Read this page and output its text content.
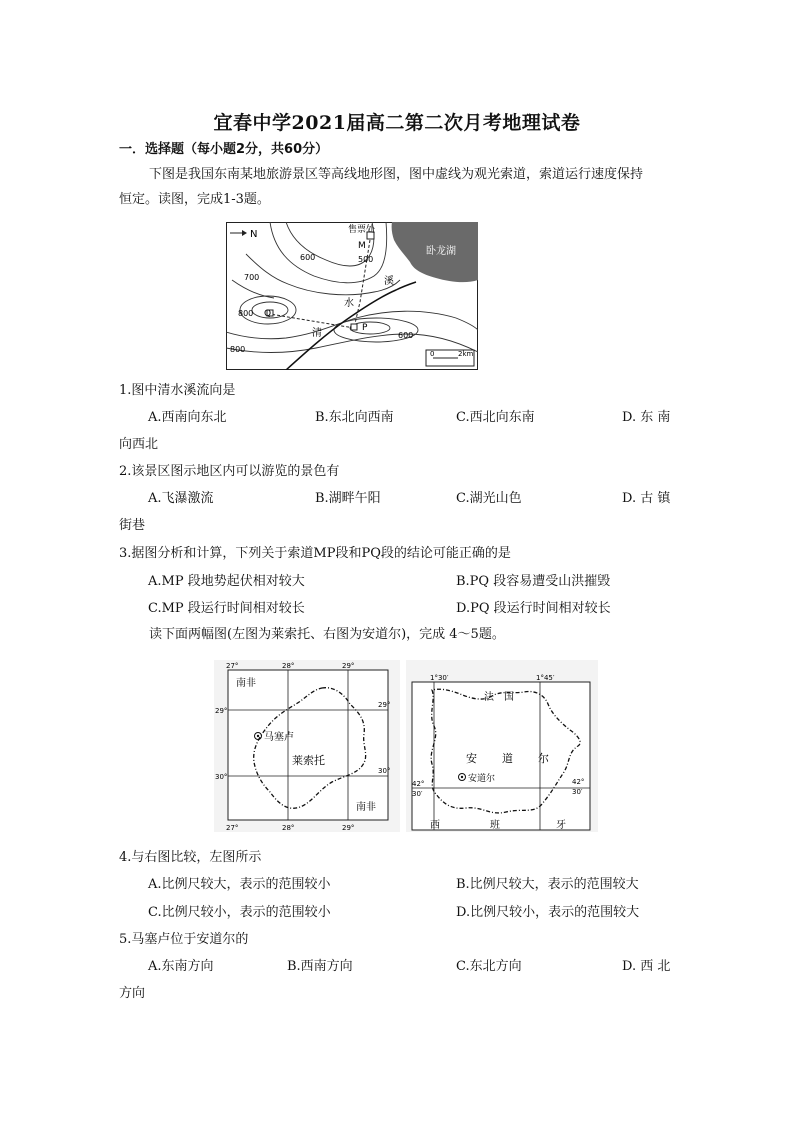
宜春中学2021届高二第二次月考地理试卷
一．选择题（每小题2分，共60分）
下图是我国东南某地旅游景区等高线地形图，图中虚线为观光索道，索道运行速度保持
恒定。读图，完成1-3题。
N	售票处
M	卧龙湖
Q
P
清
水
溪
700
800
600	500
600
800	0	2km
1.图中清水溪流向是
A.西南向东北	B.东北向西南	C.西北向东南	D. 东 南
向西北
2.该景区图示地区内可以游览的景色有
A.飞瀑激流	B.湖畔午阳	C.湖光山色	D. 古 镇
街巷
3.据图分析和计算，下列关于索道MP段和PQ段的结论可能正确的是
A.MP 段地势起伏相对较大	B.PQ 段容易遭受山洪摧毁
C.MP 段运行时间相对较长	D.PQ 段运行时间相对较长
读下面两幅图(左图为莱索托、右图为安道尔)，完成 4～5题。
南非
南非
马塞卢
莱索托
27°	28°	29°
27°	28°	29°
29°
30°
29°
30°
1°30′	1°45′
42°
30′
42°
30′
法　国
安 道 尔
安道尔
西	班	牙
4.与右图比较，左图所示
A.比例尺较大，表示的范围较小	B.比例尺较大，表示的范围较大
C.比例尺较小，表示的范围较小	D.比例尺较小，表示的范围较大
5.马塞卢位于安道尔的
A.东南方向	B.西南方向	C.东北方向	D. 西 北
方向
